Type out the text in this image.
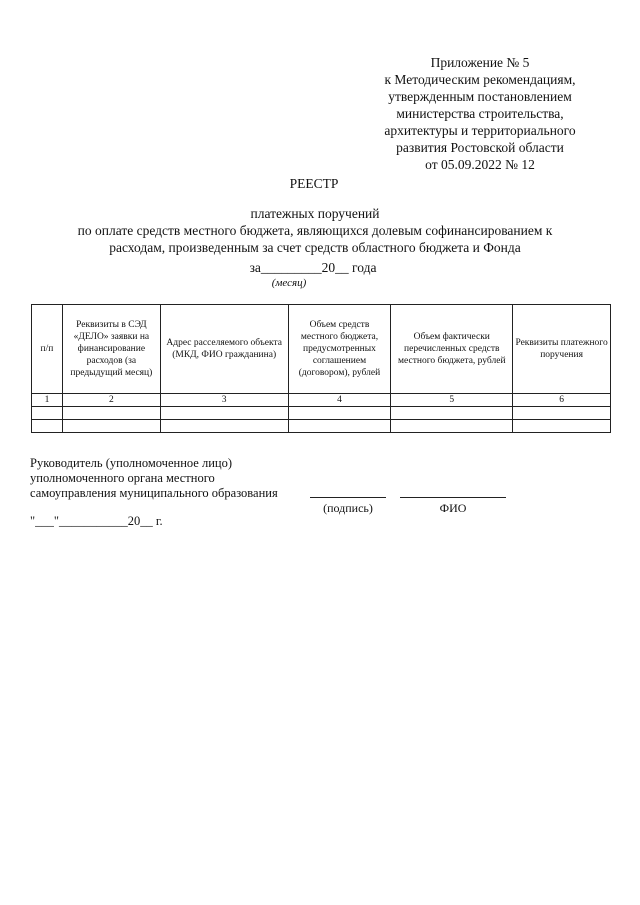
Приложение № 5
к Методическим рекомендациям,
утвержденным постановлением
министерства строительства,
архитектуры и территориального
развития Ростовской области
от 05.09.2022 № 12
РЕЕСТР
платежных поручений
по оплате средств местного бюджета, являющихся долевым софинансированием к
расходам, произведенным за счет средств областного бюджета и Фонда
за_________20__ года
(месяц)
п/п	Реквизиты в СЭД «ДЕЛО» заявки на финансирование расходов (за предыдущий месяц)	Адрес расселяемого объекта (МКД, ФИО гражданина)	Объем средств местного бюджета, предусмотренных соглашением (договором), рублей	Объем фактически перечисленных средств местного бюджета, рублей	Реквизиты платежного поручения
1	2	3	4	5	6

Руководитель (уполномоченное лицо)
уполномоченного органа местного
самоуправления муниципального образования
(подпись)	ФИО
"___"___________20__ г.
